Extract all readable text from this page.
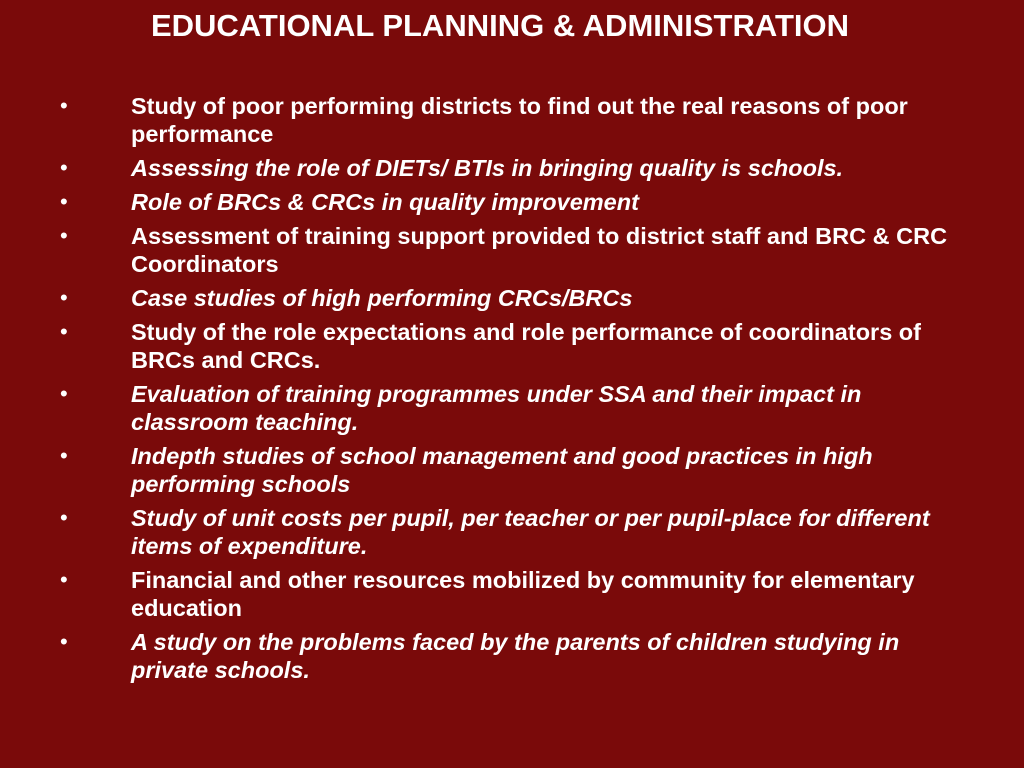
EDUCATIONAL PLANNING & ADMINISTRATION
•	Study of poor performing districts to find out the real reasons of poor performance
•	Assessing the role of DIETs/ BTIs in bringing quality is schools.
•	Role of BRCs & CRCs in quality improvement
•	Assessment of training support provided to district staff and BRC & CRC Coordinators
•	Case studies of high performing CRCs/BRCs
•	Study of the role expectations and role performance of coordinators of BRCs and CRCs.
•	Evaluation of training programmes under SSA and their impact in classroom teaching.
•	Indepth studies of school management and good practices in high performing schools
•	Study of unit costs per pupil, per teacher or per pupil-place for different items of expenditure.
•	Financial and other resources mobilized by community for elementary education
•	A study on the problems faced by the parents of children studying in private schools.
